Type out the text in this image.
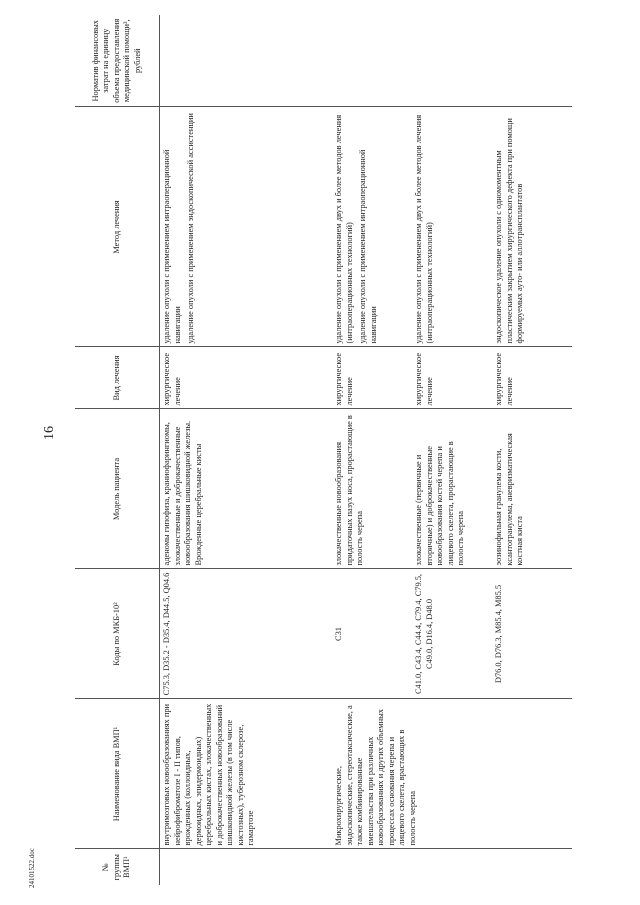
16
24101522.doc	№ группы ВМП¹	Наименование вида ВМП¹	Коды по МКБ-10²	Модель пациента	Вид лечения	Метод лечения	Норматив финансовых затрат на единицу объема предоставления медицинской помощи³, рублей
	внутримозговых новообразованиях при нейрофиброматозе I - II типов, врожденных (коллоидных, дермоидных, эпидермоидных) церебральных кистах, злокачественных и доброкачественных новообразований шишковидной железы (в том числе кистозных), туберозном склерозе, гамартозе	C75.3, D35.2 - D35.4, D44.5, Q04.6	аденомы гипофиза, краниофарингиомы, злокачественные и доброкачественные новообразования шишковидной железы. Врожденные церебральные кисты	хирургическое лечение	удаление опухоли с применением интраоперационной навигации удаление опухоли с применением эндоскопической ассистенции	

	Микрохирургические, эндоскопические, стереотаксические, а также комбинированные вмешательства при различных новообразованиях и других объемных процессах основания черепа и лицевого скелета, врастающих в полость черепа	C31	злокачественные новообразования придаточных пазух носа, прорастающие в полость черепа	хирургическое лечение	удаление опухоли с применением двух и более методов лечения (интраоперационных технологий) удаление опухоли с применением интраоперационной навигации	

		C41.0, C43.4, C44.4, C79.4, C79.5, C49.0, D16.4, D48.0	злокачественные (первичные и вторичные) и доброкачественные новообразования костей черепа и лицевого скелета, прорастающие в полость черепа	хирургическое лечение	удаление опухоли с применением двух и более методов лечения (интраоперационных технологий)	

		D76.0, D76.3, M85.4, M85.5	эозинофильная гранулема кости, ксантогранулема, аневризматическая костная киста	хирургическое лечение	эндоскопическое удаление опухоли с одномоментным пластическим закрытием хирургического дефекта при помощи формируемых ауто- или аллотрансплантатов	
